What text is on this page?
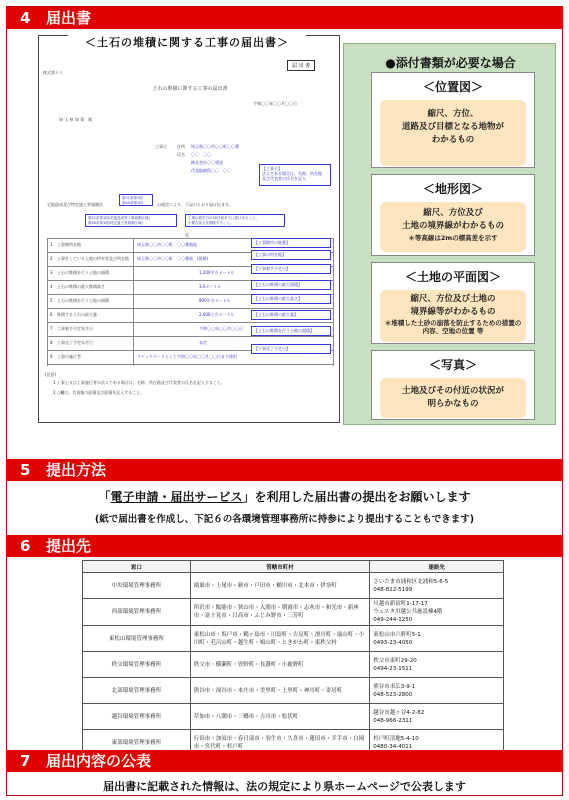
4 届出書
届 出 書
様式第十八
土石の堆積に関する工事の届出書
令和〇〇年〇〇月〇〇日
埼 玉 県 知 事　様
工事主	住所 埼玉県〇〇市〇〇町〇〇番
氏名 〇〇　〇〇
株式会社〇〇建設
代表取締役〇〇　〇〇	【工事主】
法人である場合は、名称、所在地
及び代表者の氏名を記入
宅地造成及び特定盛土等規制法
第21条第1項
第40条第1項	の規定により、下記のとおり届け出ます。
第21条第1項(宅地造成等工事規制区域)
第40条第1項(特定盛土等規制区域)
工事の着手日の30日前までに届け出ること。
不要な条文を削除すること。
記
1 工事箇所在地	埼玉県〇〇市〇〇町　〇〇番地他
2 工事をしている土地の所有者及び所在地	埼玉県〇〇市〇〇町　〇〇番地　(面積)
3 土石の堆積を行う土地の面積	1,200平方メートル
4 土石の堆積の最大堆積高さ	3.0メートル
5 土石の堆積を行う土地の面積	800平方メートル
6 堆積する土石の最大量	2,000立方メートル
7 工事着手予定年月日	令和〇〇年〇〇月〇〇日
8 工事完了予定年月日	未定
9 工事の施行者	ストックヤードとして令和〇〇年〇〇月〇〇日まで使用
【工事箇所の地番】
【工事の所在地】
【工事着手予定日】
【土石の堆積の最大面積】
【土石の堆積の最大高さ】
【土石の堆積の最大量】
【土石の堆積を行う土地の面積】
【工事完了予定日】
(注意)
1 工事主又は工事施行者の法人である場合は、名称、所在地及び代表者の氏名を記入すること。
2 ○欄は、代表地の面積及び面積を記入すること。
＜土石の堆積に関する工事の届出書＞
●添付書類が必要な場合
＜位置図＞
縮尺、方位、
道路及び目標となる地物が
わかるもの
＜地形図＞
縮尺、方位及び
土地の境界線がわかるもの
＊等高線は2mの標高差を示す
＜土地の平面図＞
縮尺、方位及び土地の
境界線等がわかるもの
＊堆積した土砂の崩落を防止するための措置の内容、空地の位置 等
＜写真＞
土地及びその付近の状況が
明らかなもの
5 提出方法
「電子申請・届出サービス」を利用した届出書の提出をお願いします
(紙で届出書を作成し、下記６の各環境管理事務所に持参により提出することもできます)
6 提出先
窓口	管轄市町村	連絡先
中央環境管理事務所	鴻巣市・上尾市・蕨市・戸田市・桶川市・北本市・伊奈町	さいたま市浦和区北浦和5-6-5
048-822-5199
西部環境管理事務所	所沢市・飯能市・狭山市・入間市・朝霞市・志木市・和光市・新座市・富士見市・日高市・ふじみ野市・三芳町	川越市新宿町1-17-17
ウェスタ川越公共施設棟4階
049-244-1250
東松山環境管理事務所	東松山市・坂戸市・鶴ヶ島市・川島町・吉見町・滑川町・嵐山町・小川町・毛呂山町・越生町・鳩山町・ときがわ町・東秩父村	東松山市六軒町5-1
0493-23-4050
秩父環境管理事務所	秩父市・横瀬町・皆野町・長瀞町・小鹿野町	秩父市東町29-20
0494-23-1511
北部環境管理事務所	熊谷市・深谷市・本庄市・美里町・上里町・神川町・寄居町	熊谷市末広3-9-1
048-523-2800
越谷環境管理事務所	草加市・八潮市・三郷市・吉川市・松伏町	越谷市越ヶ谷4-2-82
048-966-2311
東部環境管理事務所	行田市・加須市・春日部市・羽生市・久喜市・蓮田市・幸手市・白岡市・宮代町・杉戸町	杉戸町清地5-4-10
0480-34-4011
7 届出内容の公表
届出書に記載された情報は、法の規定により県ホームページで公表します
